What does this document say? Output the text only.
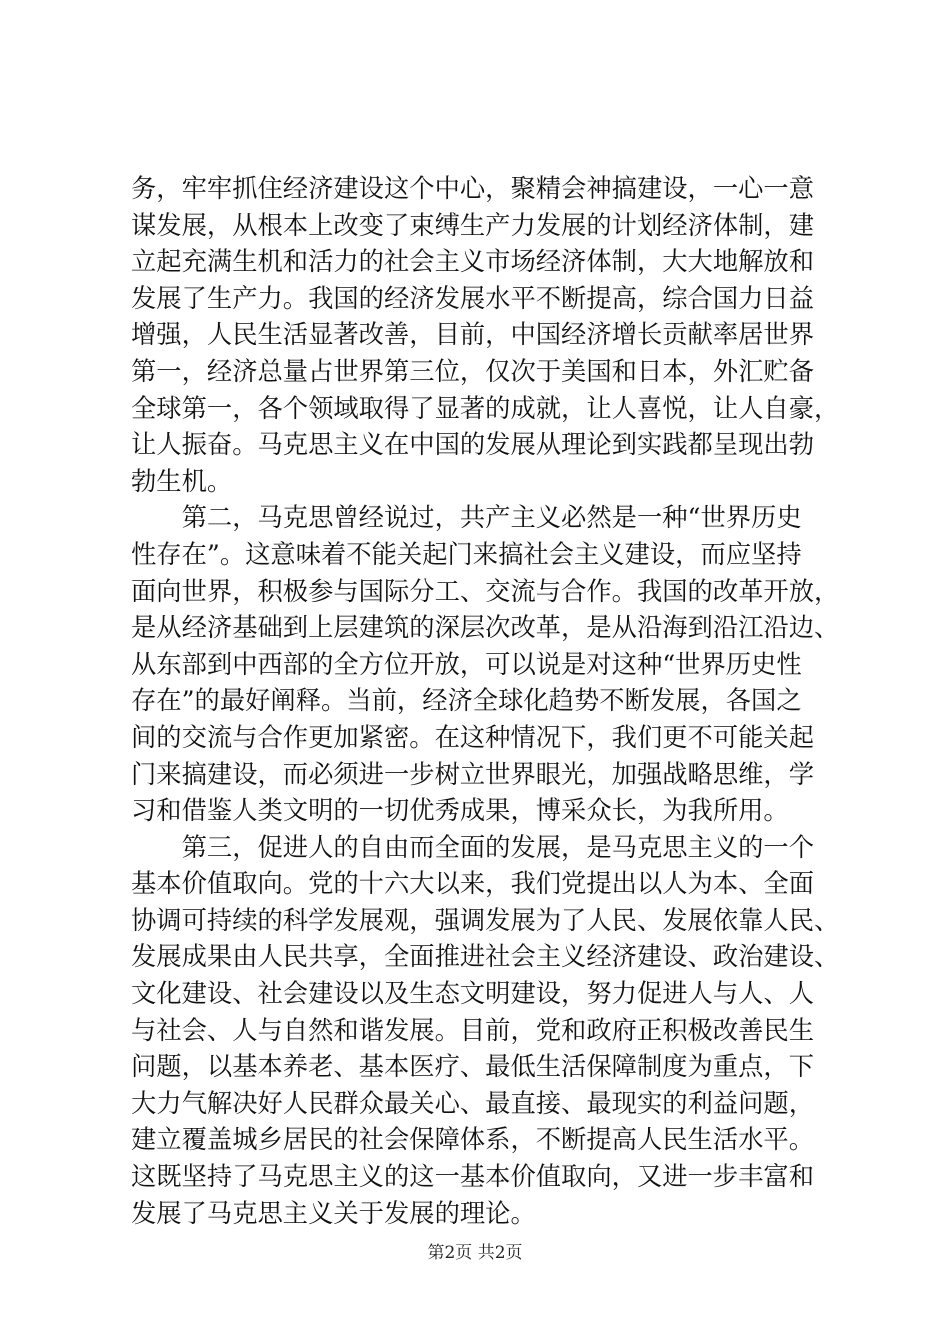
务，牢牢抓住经济建设这个中心，聚精会神搞建设，一心一意
谋发展，从根本上改变了束缚生产力发展的计划经济体制，建
立起充满生机和活力的社会主义市场经济体制，大大地解放和
发展了生产力。我国的经济发展水平不断提高，综合国力日益
增强，人民生活显著改善，目前，中国经济增长贡献率居世界
第一，经济总量占世界第三位，仅次于美国和日本，外汇贮备
全球第一，各个领域取得了显著的成就，让人喜悦，让人自豪，
让人振奋。马克思主义在中国的发展从理论到实践都呈现出勃
勃生机。
　　第二，马克思曾经说过，共产主义必然是一种“世界历史
性存在”。这意味着不能关起门来搞社会主义建设，而应坚持
面向世界，积极参与国际分工、交流与合作。我国的改革开放，
是从经济基础到上层建筑的深层次改革，是从沿海到沿江沿边、
从东部到中西部的全方位开放，可以说是对这种“世界历史性
存在”的最好阐释。当前，经济全球化趋势不断发展，各国之
间的交流与合作更加紧密。在这种情况下，我们更不可能关起
门来搞建设，而必须进一步树立世界眼光，加强战略思维，学
习和借鉴人类文明的一切优秀成果，博采众长，为我所用。
　　第三，促进人的自由而全面的发展，是马克思主义的一个
基本价值取向。党的十六大以来，我们党提出以人为本、全面
协调可持续的科学发展观，强调发展为了人民、发展依靠人民、
发展成果由人民共享，全面推进社会主义经济建设、政治建设、
文化建设、社会建设以及生态文明建设，努力促进人与人、人
与社会、人与自然和谐发展。目前，党和政府正积极改善民生
问题，以基本养老、基本医疗、最低生活保障制度为重点，下
大力气解决好人民群众最关心、最直接、最现实的利益问题，
建立覆盖城乡居民的社会保障体系，不断提高人民生活水平。
这既坚持了马克思主义的这一基本价值取向，又进一步丰富和
发展了马克思主义关于发展的理论。
第2页 共2页
